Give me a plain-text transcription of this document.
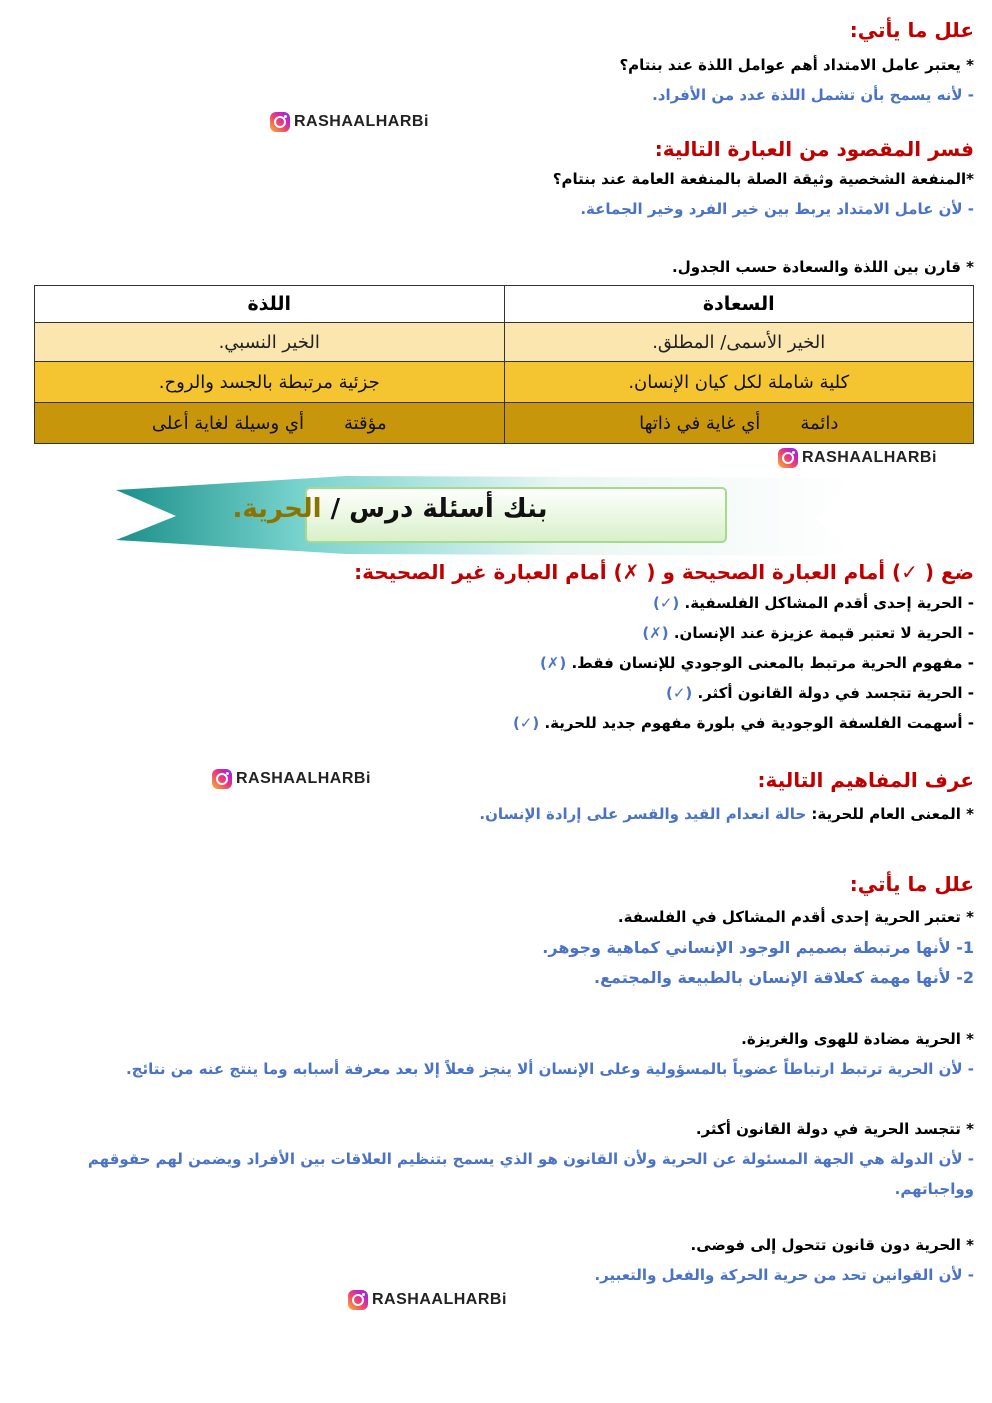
علل ما يأتي:
* يعتبر عامل الامتداد أهم عوامل اللذة عند بنتام؟
- لأنه يسمح بأن تشمل اللذة عدد من الأفراد.
RASHAALHARBi
فسر المقصود من العبارة التالية:
*المنفعة الشخصية وثيقة الصلة بالمنفعة العامة عند بنتام؟
- لأن عامل الامتداد يربط بين خير الفرد وخير الجماعة.
* قارن بين اللذة والسعادة حسب الجدول.
السعادة	اللذة
الخير الأسمى/ المطلق.	الخير النسبي.
كلية شاملة لكل كيان الإنسان.	جزئية مرتبطة بالجسد والروح.
دائمةأي غاية في ذاتها	مؤقتةأي وسيلة لغاية أعلى
RASHAALHARBi
بنك أسئلة درس / الحرية.
ضع ( ✓) أمام العبارة الصحيحة و ( ✗) أمام العبارة غير الصحيحة:
- الحرية إحدى أقدم المشاكل الفلسفية. (✓)
- الحرية لا تعتبر قيمة عزيزة عند الإنسان. (✗)
- مفهوم الحرية مرتبط بالمعنى الوجودي للإنسان فقط. (✗)
- الحرية تتجسد في دولة القانون أكثر. (✓)
- أسهمت الفلسفة الوجودية في بلورة مفهوم جديد للحرية. (✓)
RASHAALHARBi	عرف المفاهيم التالية:
* المعنى العام للحرية: حالة انعدام القيد والقسر على إرادة الإنسان.
علل ما يأتي:
* تعتبر الحرية إحدى أقدم المشاكل في الفلسفة.
1- لأنها مرتبطة بصميم الوجود الإنساني كماهية وجوهر.
2- لأنها مهمة كعلاقة الإنسان بالطبيعة والمجتمع.
* الحرية مضادة للهوى والغريزة.
- لأن الحرية ترتبط ارتباطاً عضوياً بالمسؤولية وعلى الإنسان ألا ينجز فعلاً إلا بعد معرفة أسبابه وما ينتج عنه من نتائج.
* تتجسد الحرية في دولة القانون أكثر.
- لأن الدولة هي الجهة المسئولة عن الحرية ولأن القانون هو الذي يسمح بتنظيم العلاقات بين الأفراد ويضمن لهم حقوقهم
وواجباتهم.
* الحرية دون قانون تتحول إلى فوضى.
- لأن القوانين تحد من حرية الحركة والفعل والتعبير.
RASHAALHARBi
